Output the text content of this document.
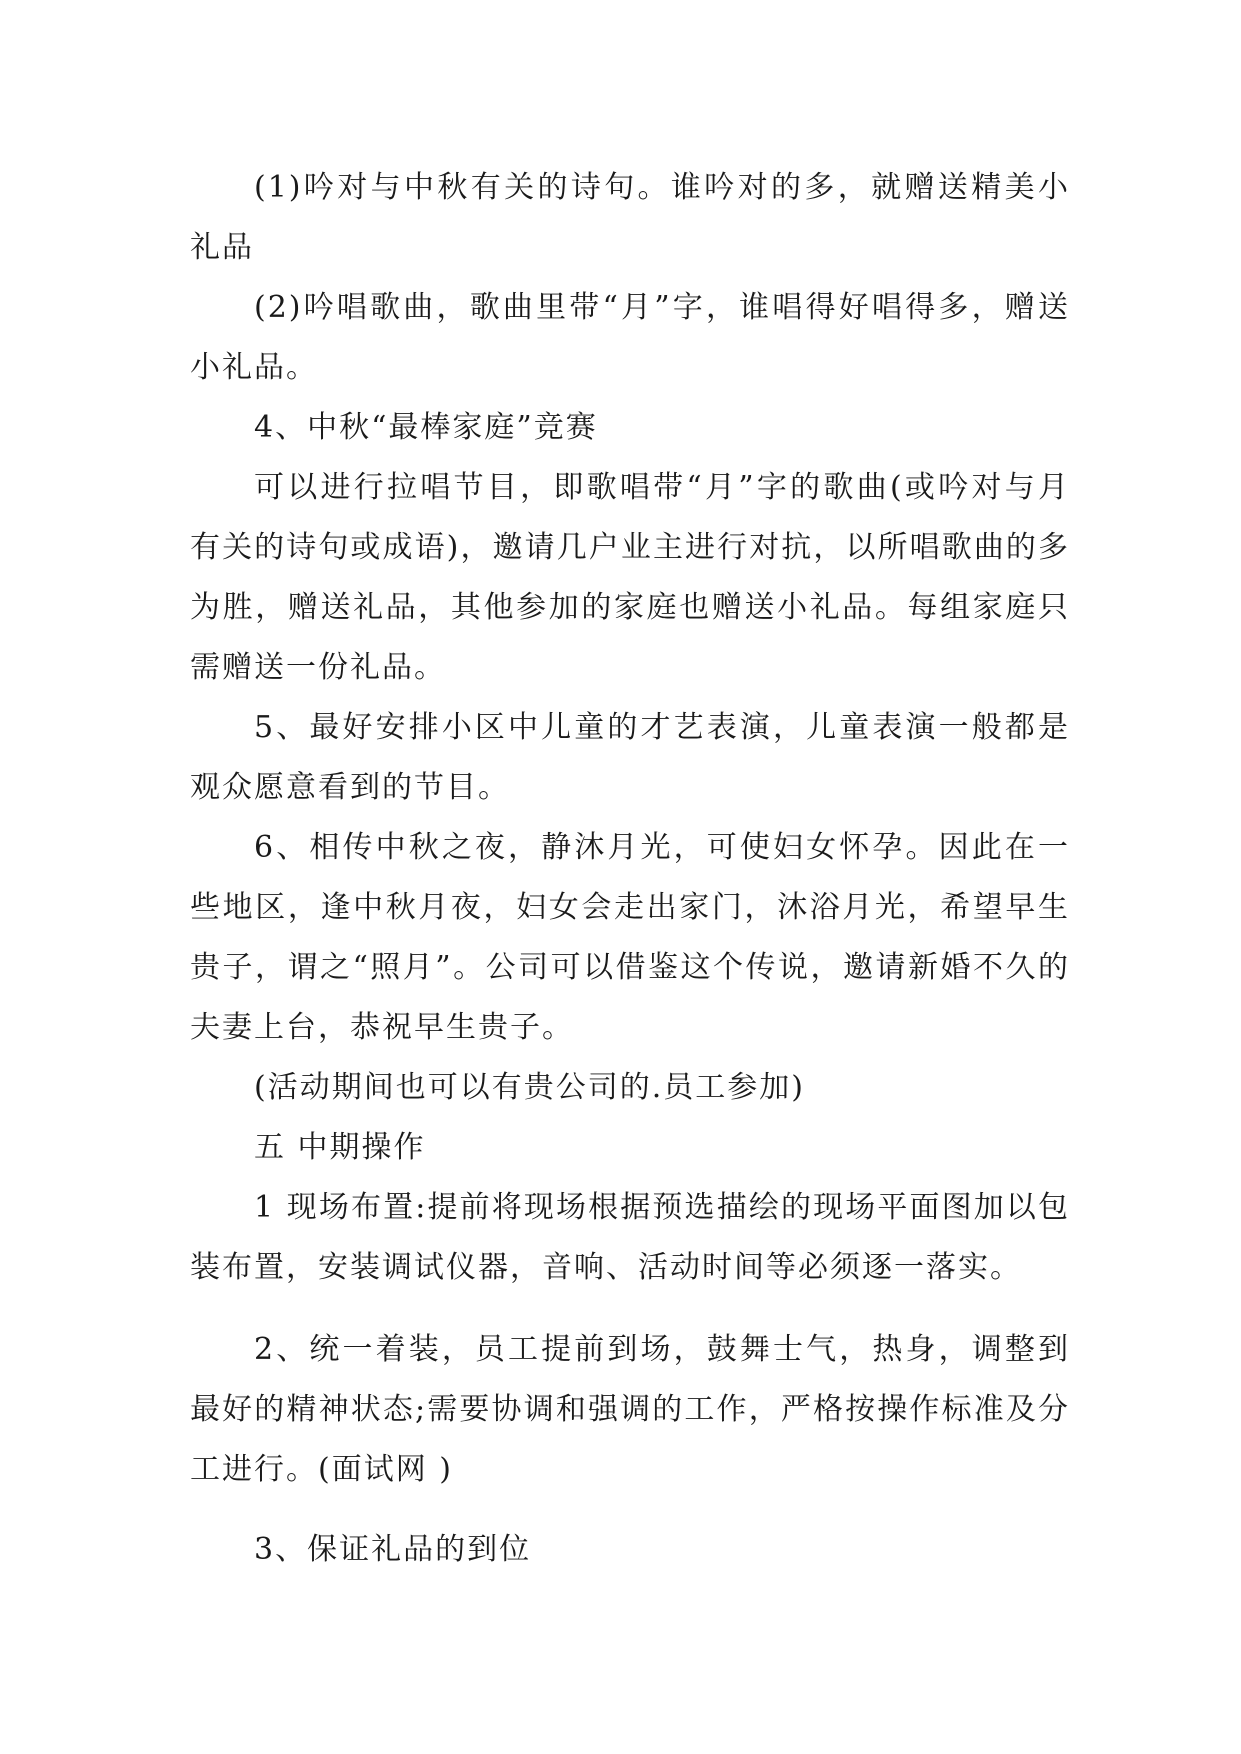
(1)吟对与中秋有关的诗句。谁吟对的多，就赠送精美小礼品

(2)吟唱歌曲，歌曲里带“月”字，谁唱得好唱得多，赠送小礼品。

4、中秋“最棒家庭”竞赛

可以进行拉唱节目，即歌唱带“月”字的歌曲(或吟对与月有关的诗句或成语)，邀请几户业主进行对抗，以所唱歌曲的多为胜，赠送礼品，其他参加的家庭也赠送小礼品。每组家庭只需赠送一份礼品。

5、最好安排小区中儿童的才艺表演，儿童表演一般都是观众愿意看到的节目。

6、相传中秋之夜，静沐月光，可使妇女怀孕。因此在一些地区，逢中秋月夜，妇女会走出家门，沐浴月光，希望早生贵子，谓之“照月”。公司可以借鉴这个传说，邀请新婚不久的夫妻上台，恭祝早生贵子。

(活动期间也可以有贵公司的.员工参加)

五 中期操作

1 现场布置:提前将现场根据预选描绘的现场平面图加以包装布置，安装调试仪器，音响、活动时间等必须逐一落实。

2、统一着装，员工提前到场，鼓舞士气，热身，调整到最好的精神状态;需要协调和强调的工作，严格按操作标准及分工进行。(面试网 )

3、保证礼品的到位
